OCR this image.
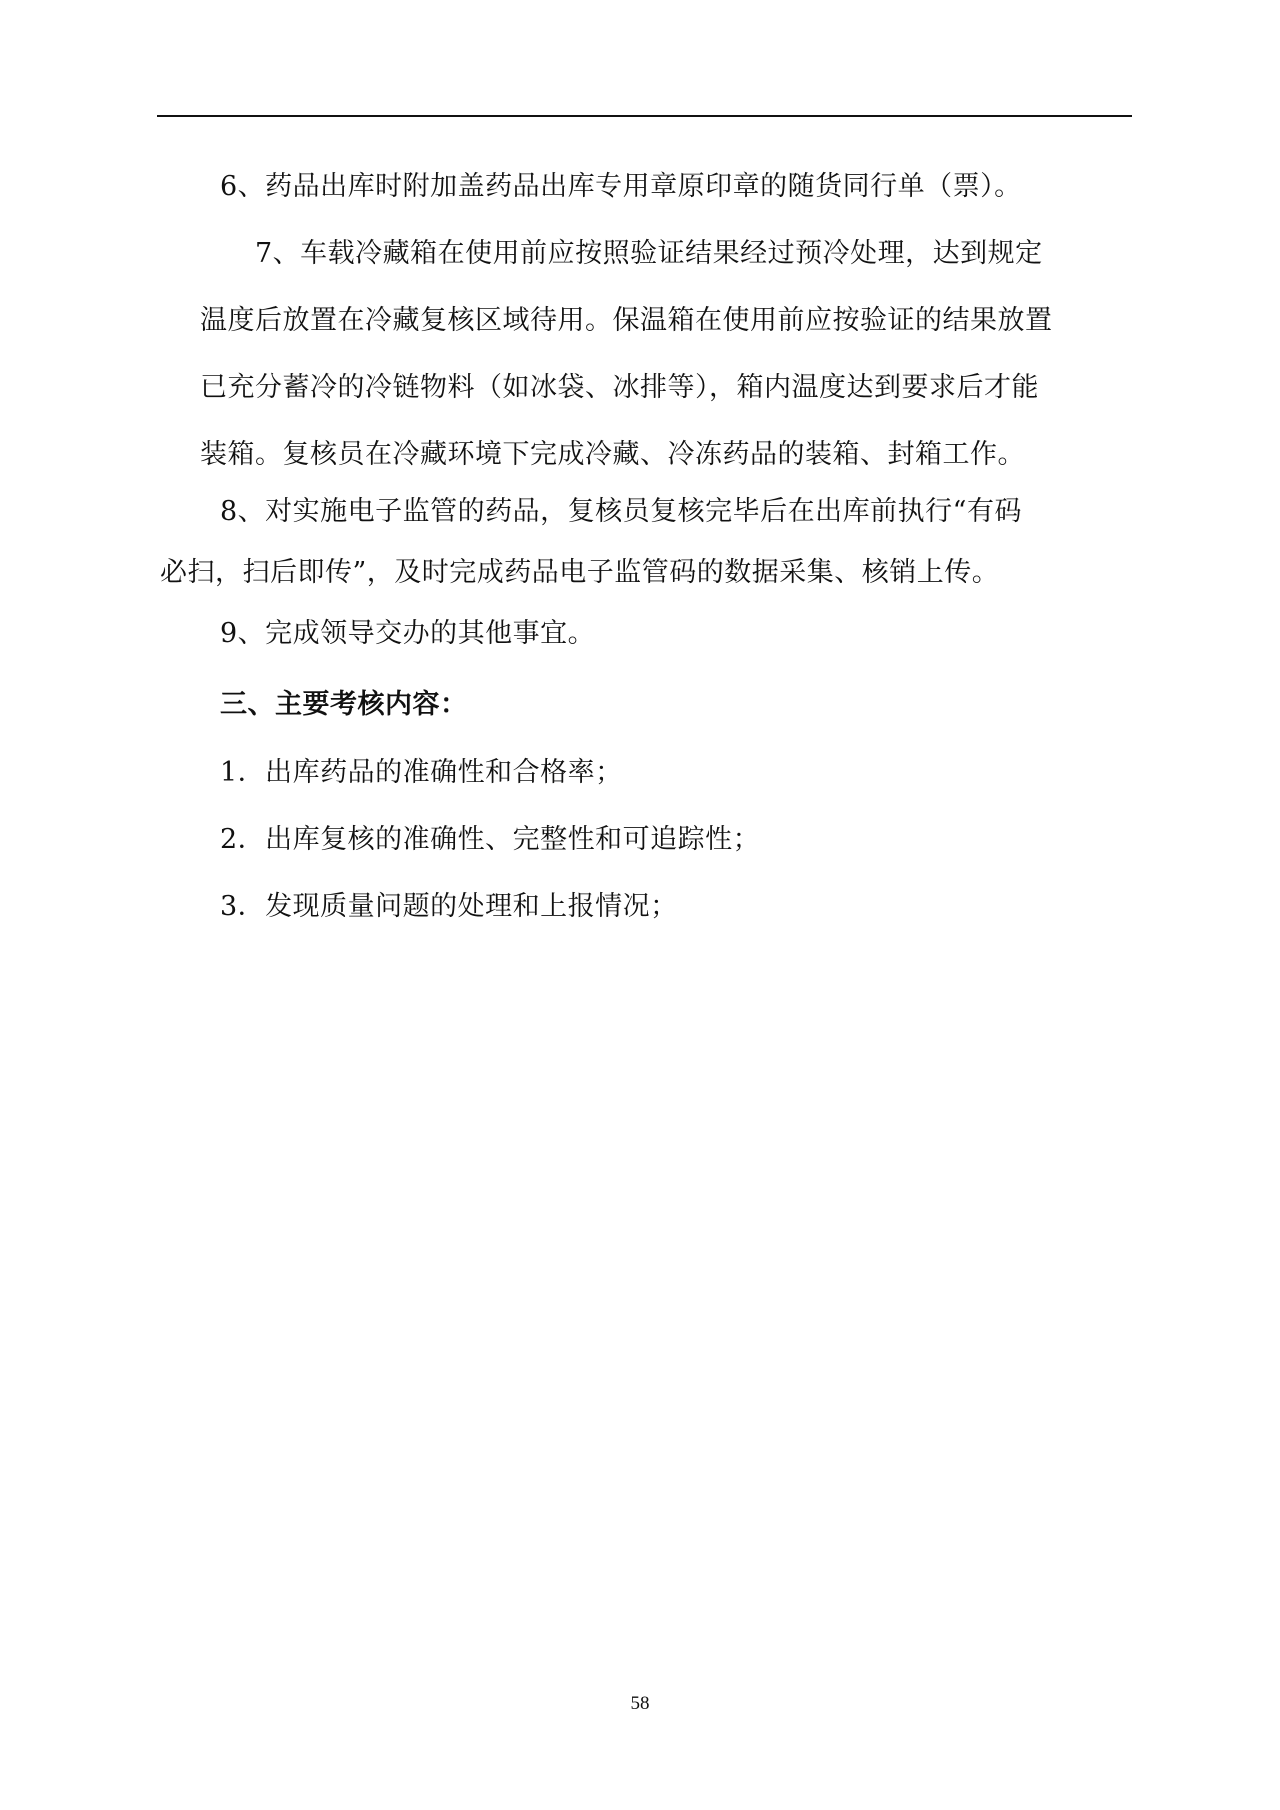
6、药品出库时附加盖药品出库专用章原印章的随货同行单（票）。
7、车载冷藏箱在使用前应按照验证结果经过预冷处理，达到规定
温度后放置在冷藏复核区域待用。保温箱在使用前应按验证的结果放置
已充分蓄冷的冷链物料（如冰袋、冰排等），箱内温度达到要求后才能
装箱。复核员在冷藏环境下完成冷藏、冷冻药品的装箱、封箱工作。
8、对实施电子监管的药品，复核员复核完毕后在出库前执行“有码
必扫，扫后即传”，及时完成药品电子监管码的数据采集、核销上传。
9、完成领导交办的其他事宜。
三、主要考核内容：
1．出库药品的准确性和合格率；
2．出库复核的准确性、完整性和可追踪性；
3．发现质量问题的处理和上报情况；
58
